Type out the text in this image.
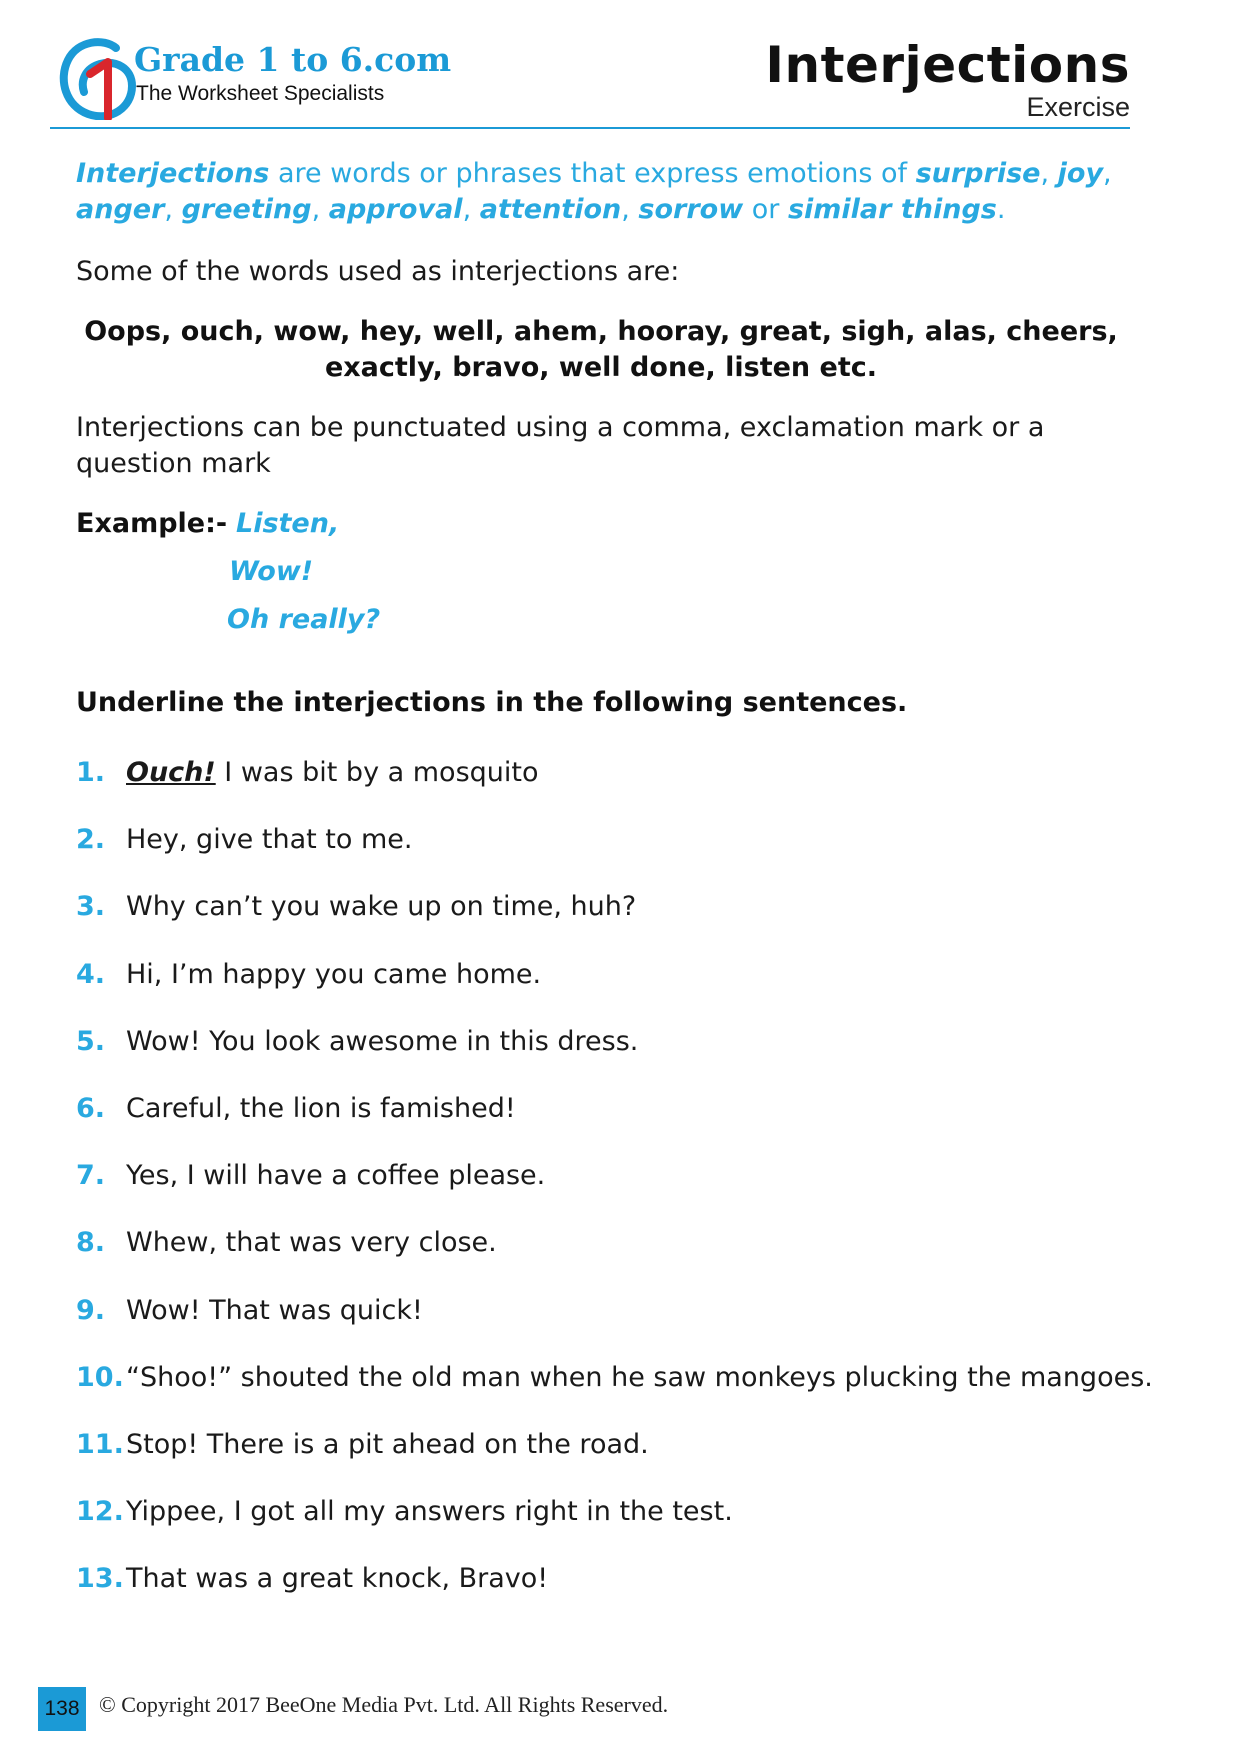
Grade 1 to 6.com
The Worksheet Specialists	Interjections
Exercise
Interjections are words or phrases that express emotions of surprise, joy, anger, greeting, approval, attention, sorrow or similar things.
Some of the words used as interjections are:
Oops, ouch, wow, hey, well, ahem, hooray, great, sigh, alas, cheers, exactly, bravo, well done, listen etc.
Interjections can be punctuated using a comma, exclamation mark or a question mark
Example:- Listen,
Wow!
Oh really?
Underline the interjections in the following sentences.
1. Ouch! I was bit by a mosquito
2. Hey, give that to me.
3. Why can’t you wake up on time, huh?
4. Hi, I’m happy you came home.
5. Wow! You look awesome in this dress.
6. Careful, the lion is famished!
7. Yes, I will have a coffee please.
8. Whew, that was very close.
9. Wow! That was quick!
10. “Shoo!” shouted the old man when he saw monkeys plucking the mangoes.
11. Stop! There is a pit ahead on the road.
12. Yippee, I got all my answers right in the test.
13. That was a great knock, Bravo!
138 © Copyright 2017 BeeOne Media Pvt. Ltd. All Rights Reserved.
